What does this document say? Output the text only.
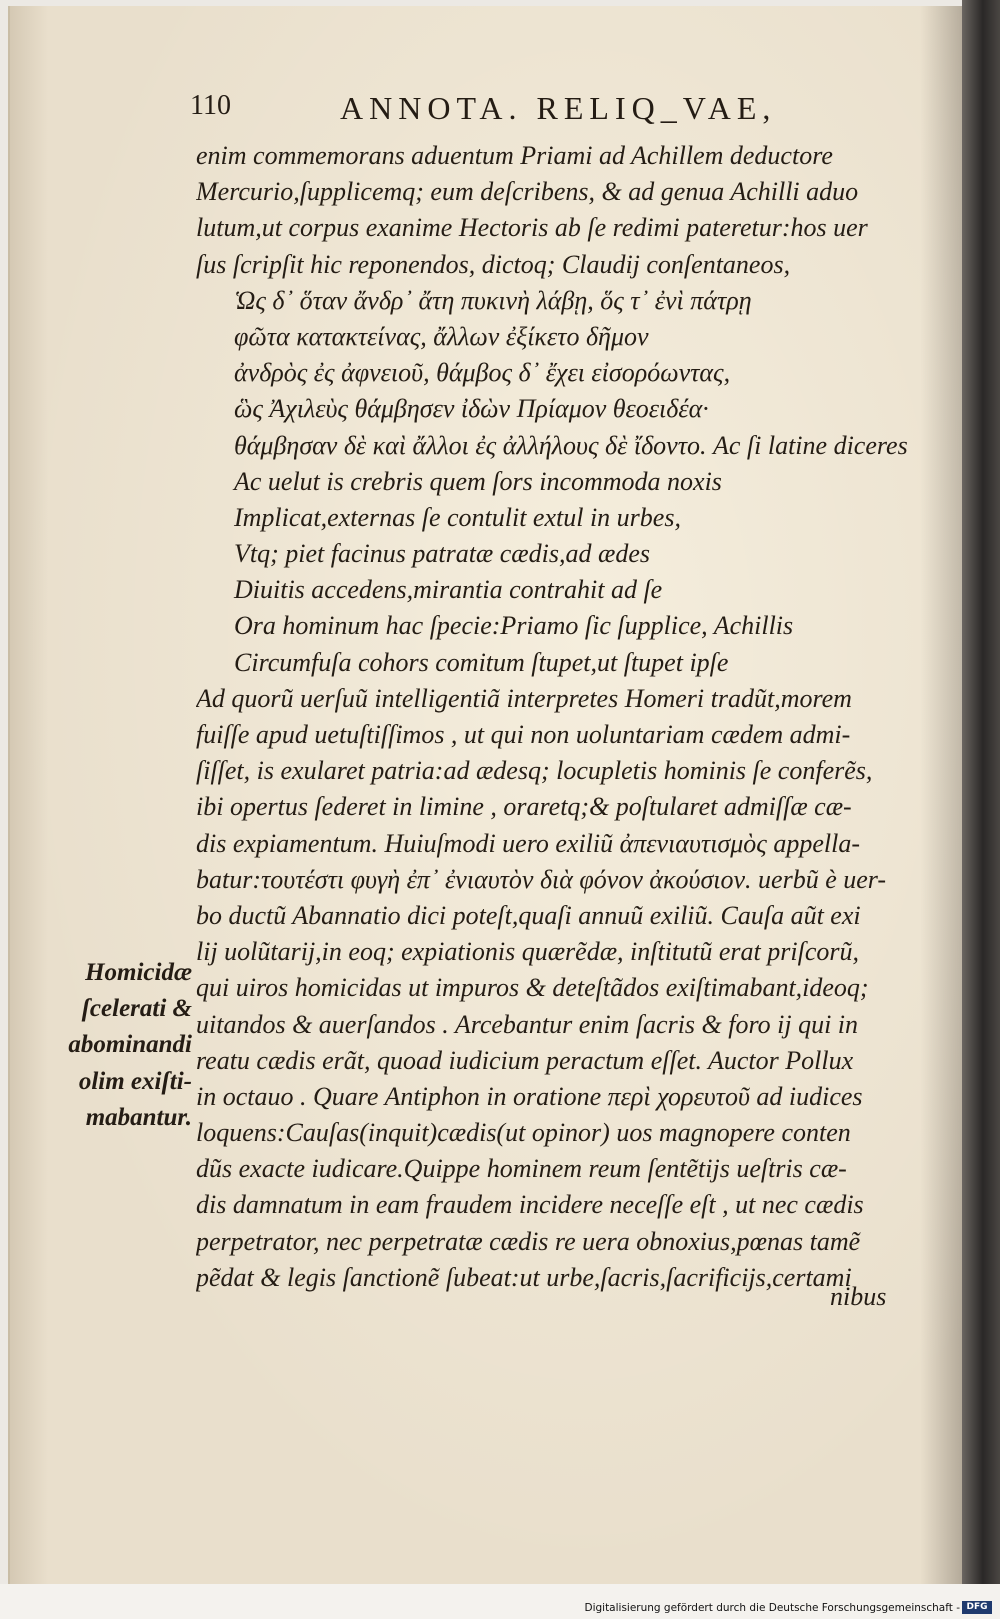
110	ANNOTA. RELIQ_VAE,
enim commemorans aduentum Priami ad Achillem deductore
Mercurio,ſupplicemq; eum deſcribens, & ad genua Achilli aduo
lutum,ut corpus exanime Hectoris ab ſe redimi pateretur:hos uer
ſus ſcripſit hic reponendos, dictoq; Claudij conſentaneos,
Ὡς δ᾽ ὅταν ἄνδρ᾽ ἄτη πυκινὴ λάβῃ, ὅς τ᾽ ἐνὶ πάτρῃ
φῶτα κατακτείνας, ἄλλων ἐξίκετο δῆμον
ἀνδρὸς ἐς ἀφνειοῦ, θάμβος δ᾽ ἔχει εἰσορόωντας,
ὣς Ἀχιλεὺς θάμβησεν ἰδὼν Πρίαμον θεοειδέα·
θάμβησαν δὲ καὶ ἄλλοι ἐς ἀλλήλους δὲ ἴδοντο. Ac ſi latine diceres
Ac uelut is crebris quem ſors incommoda noxis
Implicat,externas ſe contulit extul in urbes,
Vtq; piet facinus patratæ cædis,ad ædes
Diuitis accedens,mirantia contrahit ad ſe
Ora hominum hac ſpecie:Priamo ſic ſupplice, Achillis
Circumfuſa cohors comitum ſtupet,ut ſtupet ipſe
Ad quorũ uerſuũ intelligentiã interpretes Homeri tradũt,morem
fuiſſe apud uetuſtiſſimos , ut qui non uoluntariam cædem admi-
ſiſſet, is exularet patria:ad ædesq; locupletis hominis ſe conferẽs,
ibi opertus ſederet in limine , oraretq;& poſtularet admiſſæ cæ-
dis expiamentum. Huiuſmodi uero exiliũ ἀπενιαυτισμὸς appella-
batur:τουτέστι φυγὴ ἐπ᾽ ἐνιαυτὸν διὰ φόνον ἀκούσιον. uerbũ è uer-
bo ductũ Abannatio dici poteſt,quaſi annuũ exiliũ. Cauſa aũt exi
lij uolũtarij,in eoq; expiationis quærẽdæ, inſtitutũ erat priſcorũ,
qui uiros homicidas ut impuros & deteſtãdos exiſtimabant,ideoq;
uitandos & auerſandos . Arcebantur enim ſacris & foro ij qui in
reatu cædis erãt, quoad iudicium peractum eſſet. Auctor Pollux
in octauo . Quare Antiphon in oratione περὶ χορευτοῦ ad iudices
loquens:Cauſas(inquit)cædis(ut opinor) uos magnopere conten
dũs exacte iudicare.Quippe hominem reum ſentẽtijs ueſtris cæ-
dis damnatum in eam fraudem incidere neceſſe eſt , ut nec cædis
perpetrator, nec perpetratæ cædis re uera obnoxius,pœnas tamẽ
pẽdat & legis ſanctionẽ ſubeat:ut urbe,ſacris,ſacrificijs,certami
Homicidæ
ſcelerati &
abominandi
olim exiſti-
mabantur.
nibus
Digitalisierung gefördert durch die Deutsche Forschungsgemeinschaft - DFG
